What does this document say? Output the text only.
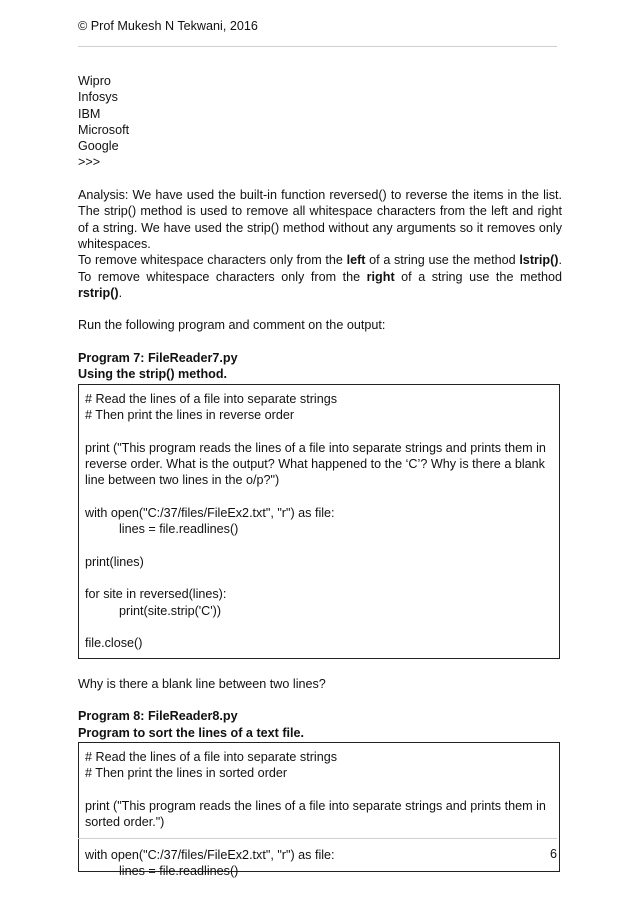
© Prof Mukesh N Tekwani, 2016
Wipro
Infosys
IBM
Microsoft
Google
>>>
Analysis: We have used the built-in function reversed() to reverse the items in the list. The strip() method is used to remove all whitespace characters from the left and right of a string. We have used the strip() method without any arguments so it removes only whitespaces.
To remove whitespace characters only from the left of a string use the method lstrip(). To remove whitespace characters only from the right of a string use the method rstrip().
Run the following program and comment on the output:
Program 7: FileReader7.py
Using the strip() method.
# Read the lines of a file into separate strings
# Then print the lines in reverse order
print ("This program reads the lines of a file into separate strings and prints them in reverse order. What is the output? What happened to the ‘C’? Why is there a blank line between two lines in the o/p?")
with open("C:/37/files/FileEx2.txt", "r") as file:
lines = file.readlines()
print(lines)
for site in reversed(lines):
print(site.strip('C'))
file.close()
Why is there a blank line between two lines?
Program 8: FileReader8.py
Program to sort the lines of a text file.
# Read the lines of a file into separate strings
# Then print the lines in sorted order
print ("This program reads the lines of a file into separate strings and prints them in sorted order.")
with open("C:/37/files/FileEx2.txt", "r") as file:
lines = file.readlines()
6
